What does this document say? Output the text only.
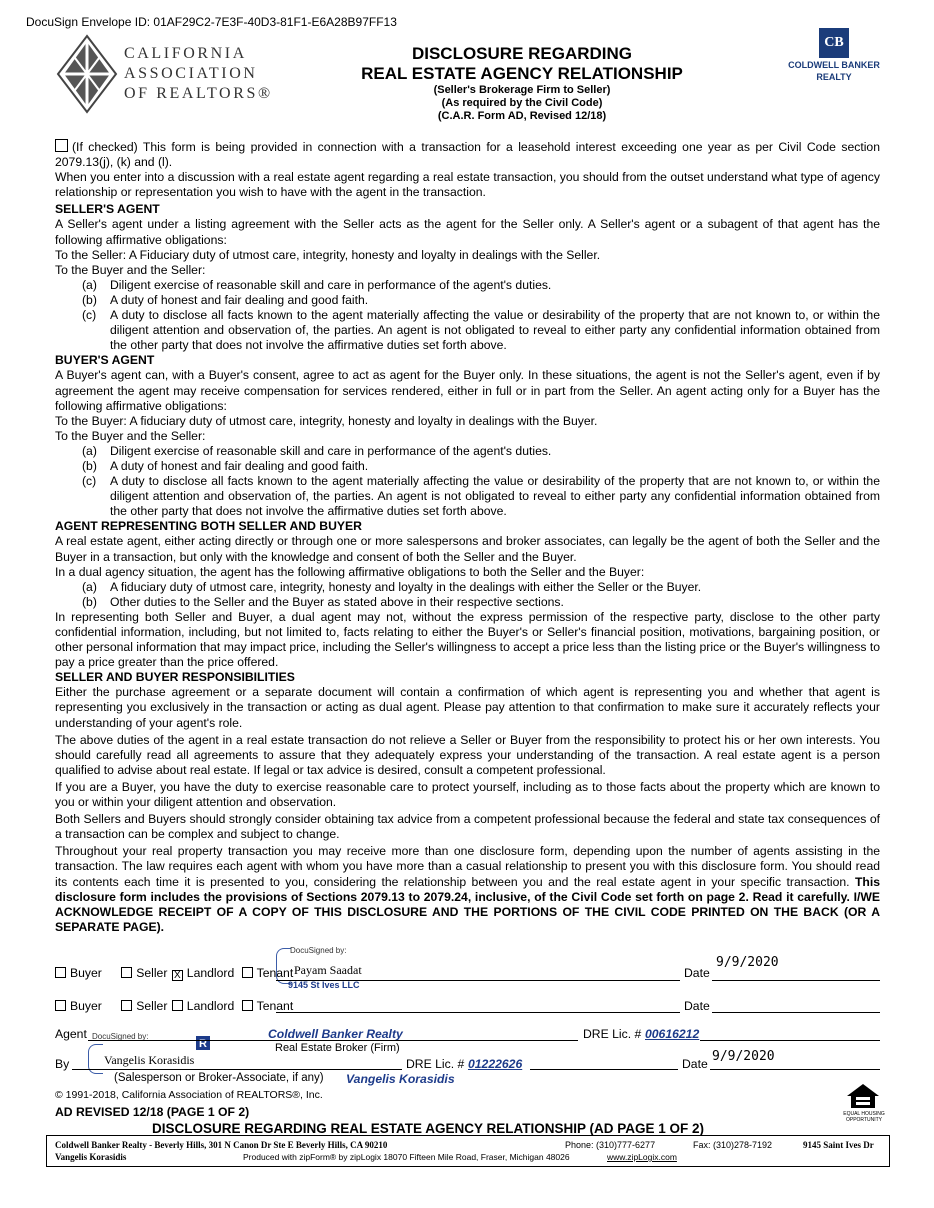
DocuSign Envelope ID: 01AF29C2-7E3F-40D3-81F1-E6A28B97FF13
CALIFORNIA
ASSOCIATION
OF REALTORS®
DISCLOSURE REGARDING
REAL ESTATE AGENCY RELATIONSHIP
(Seller's Brokerage Firm to Seller)
(As required by the Civil Code)
(C.A.R. Form AD, Revised 12/18)
CB
COLDWELL BANKER
REALTY

(If checked) This form is being provided in connection with a transaction for a leasehold interest exceeding one year as per Civil Code section 2079.13(j), (k) and (l).

When you enter into a discussion with a real estate agent regarding a real estate transaction, you should from the outset understand what type of agency relationship or representation you wish to have with the agent in the transaction.

SELLER'S AGENT

A Seller's agent under a listing agreement with the Seller acts as the agent for the Seller only. A Seller's agent or a subagent of that agent has the following affirmative obligations:

To the Seller: A Fiduciary duty of utmost care, integrity, honesty and loyalty in dealings with the Seller.

To the Buyer and the Seller:

(a)	Diligent exercise of reasonable skill and care in performance of the agent's duties.
(b)	A duty of honest and fair dealing and good faith.
(c)	A duty to disclose all facts known to the agent materially affecting the value or desirability of the property that are not known to, or within the diligent attention and observation of, the parties. An agent is not obligated to reveal to either party any confidential information obtained from the other party that does not involve the affirmative duties set forth above.

BUYER'S AGENT

A Buyer's agent can, with a Buyer's consent, agree to act as agent for the Buyer only. In these situations, the agent is not the Seller's agent, even if by agreement the agent may receive compensation for services rendered, either in full or in part from the Seller. An agent acting only for a Buyer has the following affirmative obligations:

To the Buyer: A fiduciary duty of utmost care, integrity, honesty and loyalty in dealings with the Buyer.

To the Buyer and the Seller:

(a)	Diligent exercise of reasonable skill and care in performance of the agent's duties.
(b)	A duty of honest and fair dealing and good faith.
(c)	A duty to disclose all facts known to the agent materially affecting the value or desirability of the property that are not known to, or within the diligent attention and observation of, the parties. An agent is not obligated to reveal to either party any confidential information obtained from the other party that does not involve the affirmative duties set forth above.

AGENT REPRESENTING BOTH SELLER AND BUYER

A real estate agent, either acting directly or through one or more salespersons and broker associates, can legally be the agent of both the Seller and the Buyer in a transaction, but only with the knowledge and consent of both the Seller and the Buyer.

In a dual agency situation, the agent has the following affirmative obligations to both the Seller and the Buyer:

(a)	A fiduciary duty of utmost care, integrity, honesty and loyalty in the dealings with either the Seller or the Buyer.
(b)	Other duties to the Seller and the Buyer as stated above in their respective sections.

In representing both Seller and Buyer, a dual agent may not, without the express permission of the respective party, disclose to the other party confidential information, including, but not limited to, facts relating to either the Buyer's or Seller's financial position, motivations, bargaining position, or other personal information that may impact price, including the Seller's willingness to accept a price less than the listing price or the Buyer's willingness to pay a price greater than the price offered.

SELLER AND BUYER RESPONSIBILITIES

Either the purchase agreement or a separate document will contain a confirmation of which agent is representing you and whether that agent is representing you exclusively in the transaction or acting as dual agent. Please pay attention to that confirmation to make sure it accurately reflects your understanding of your agent's role.

The above duties of the agent in a real estate transaction do not relieve a Seller or Buyer from the responsibility to protect his or her own interests. You should carefully read all agreements to assure that they adequately express your understanding of the transaction. A real estate agent is a person qualified to advise about real estate. If legal or tax advice is desired, consult a competent professional.

If you are a Buyer, you have the duty to exercise reasonable care to protect yourself, including as to those facts about the property which are known to you or within your diligent attention and observation.

Both Sellers and Buyers should strongly consider obtaining tax advice from a competent professional because the federal and state tax consequences of a transaction can be complex and subject to change.

Throughout your real property transaction you may receive more than one disclosure form, depending upon the number of agents assisting in the transaction. The law requires each agent with whom you have more than a casual relationship to present you with this disclosure form. You should read its contents each time it is presented to you, considering the relationship between you and the real estate agent in your specific transaction. This disclosure form includes the provisions of Sections 2079.13 to 2079.24, inclusive, of the Civil Code set forth on page 2. Read it carefully. I/WE ACKNOWLEDGE RECEIPT OF A COPY OF THIS DISCLOSURE AND THE PORTIONS OF THE CIVIL CODE PRINTED ON THE BACK (OR A SEPARATE PAGE).

Buyer	Seller X Landlord Tenant
DocuSigned by:
Payam Saadat
9145 St Ives LLC
Date
9/9/2020
Buyer	Seller Landlord Tenant	Date
Agent DocuSigned by:
R
Coldwell Banker Realty
Real Estate Broker (Firm)
DRE Lic. # 00616212
By	Vangelis Korasidis	DRE Lic. # 01222626	Date 9/9/2020
(Salesperson or Broker-Associate, if any) Vangelis Korasidis
© 1991-2018, California Association of REALTORS®, Inc.
AD REVISED 12/18 (PAGE 1 OF 2)
DISCLOSURE REGARDING REAL ESTATE AGENCY RELATIONSHIP (AD PAGE 1 OF 2)
EQUAL HOUSING OPPORTUNITY
Coldwell Banker Realty - Beverly Hills, 301 N Canon Dr Ste E Beverly Hills, CA 90210	Phone: (310)777-6277	Fax: (310)278-7192	9145 Saint Ives Dr
Vangelis Korasidis	Produced with zipForm® by zipLogix 18070 Fifteen Mile Road, Fraser, Michigan 48026	www.zipLogix.com
